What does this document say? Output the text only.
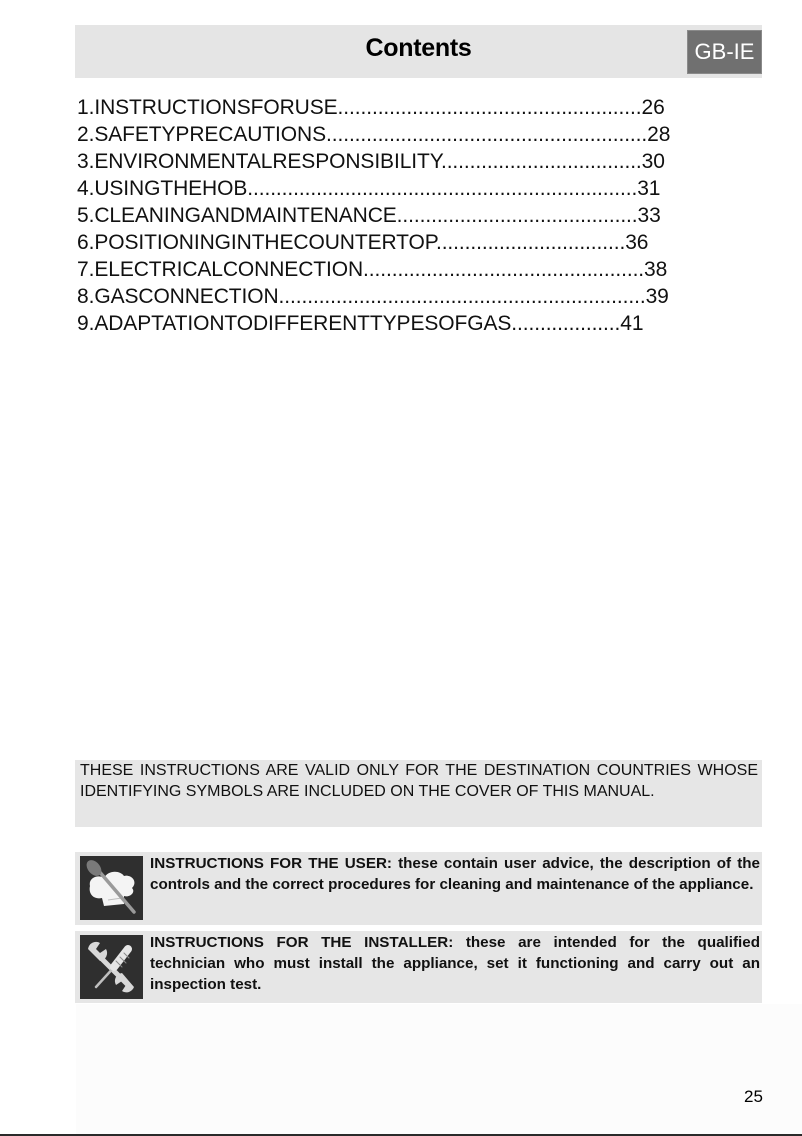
Contents	GB-IE
1.INSTRUCTIONSFORUSE.....................................................26
2.SAFETYPRECAUTIONS........................................................28
3.ENVIRONMENTALRESPONSIBILITY...................................30
4.USINGTHEHOB....................................................................31
5.CLEANINGANDMAINTENANCE..........................................33
6.POSITIONINGINTHECOUNTERTOP.................................36
7.ELECTRICALCONNECTION.................................................38
8.GASCONNECTION................................................................39
9.ADAPTATIONTODIFFERENTTYPESOFGAS...................41

THESE INSTRUCTIONS ARE VALID ONLY FOR THE DESTINATION COUNTRIES WHOSE IDENTIFYING SYMBOLS ARE INCLUDED ON THE COVER OF THIS MANUAL.

INSTRUCTIONS FOR THE USER: these contain user advice, the description of the controls and the correct procedures for cleaning and maintenance of the appliance.
INSTRUCTIONS FOR THE INSTALLER: these are intended for the qualified technician who must install the appliance, set it functioning and carry out an inspection test.
25
